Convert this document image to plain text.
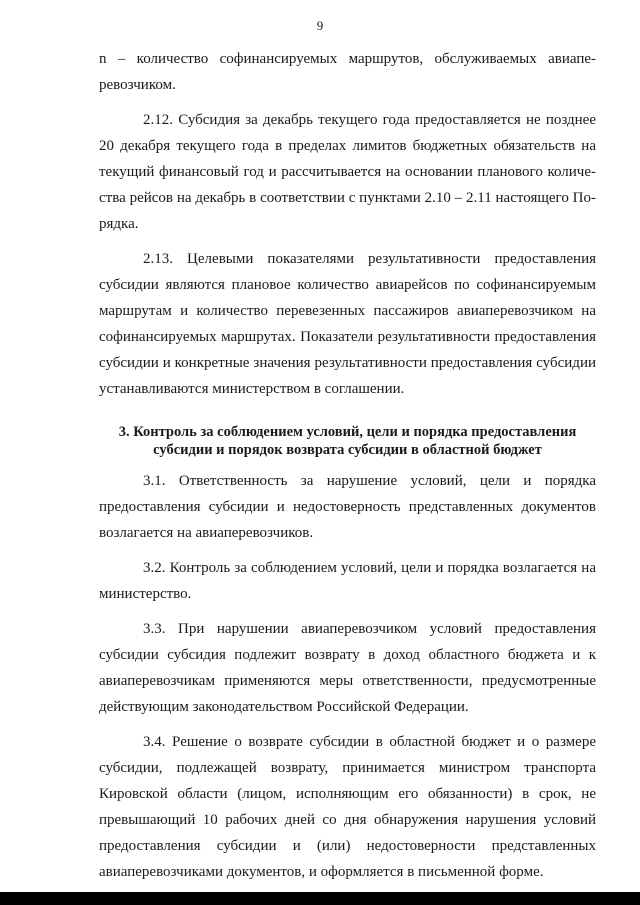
9

n – количество софинансируемых маршрутов, обслуживаемых авиаперевозчиком.

2.12. Субсидия за декабрь текущего года предоставляется не позднее 20 декабря текущего года в пределах лимитов бюджетных обязательств на текущий финансовый год и рассчитывается на основании планового количества рейсов на декабрь в соответствии с пунктами 2.10 – 2.11 настоящего Порядка.

2.13. Целевыми показателями результативности предоставления субсидии являются плановое количество авиарейсов по софинансируемым маршрутам и количество перевезенных пассажиров авиаперевозчиком на софинансируемых маршрутах. Показатели результативности предоставления субсидии и конкретные значения результативности предоставления субсидии устанавливаются министерством в соглашении.

3. Контроль за соблюдением условий, цели и порядка предоставления субсидии и порядок возврата субсидии в областной бюджет

3.1. Ответственность за нарушение условий, цели и порядка предоставления субсидии и недостоверность представленных документов возлагается на авиаперевозчиков.

3.2. Контроль за соблюдением условий, цели и порядка возлагается на министерство.

3.3. При нарушении авиаперевозчиком условий предоставления субсидии субсидия подлежит возврату в доход областного бюджета и к авиаперевозчикам применяются меры ответственности, предусмотренные действующим законодательством Российской Федерации.

3.4. Решение о возврате субсидии в областной бюджет и о размере субсидии, подлежащей возврату, принимается министром транспорта Кировской области (лицом, исполняющим его обязанности) в срок, не превышающий 10 рабочих дней со дня обнаружения нарушения условий предоставления субсидии и (или) недостоверности представленных авиаперевозчиками документов, и оформляется в письменной форме.
